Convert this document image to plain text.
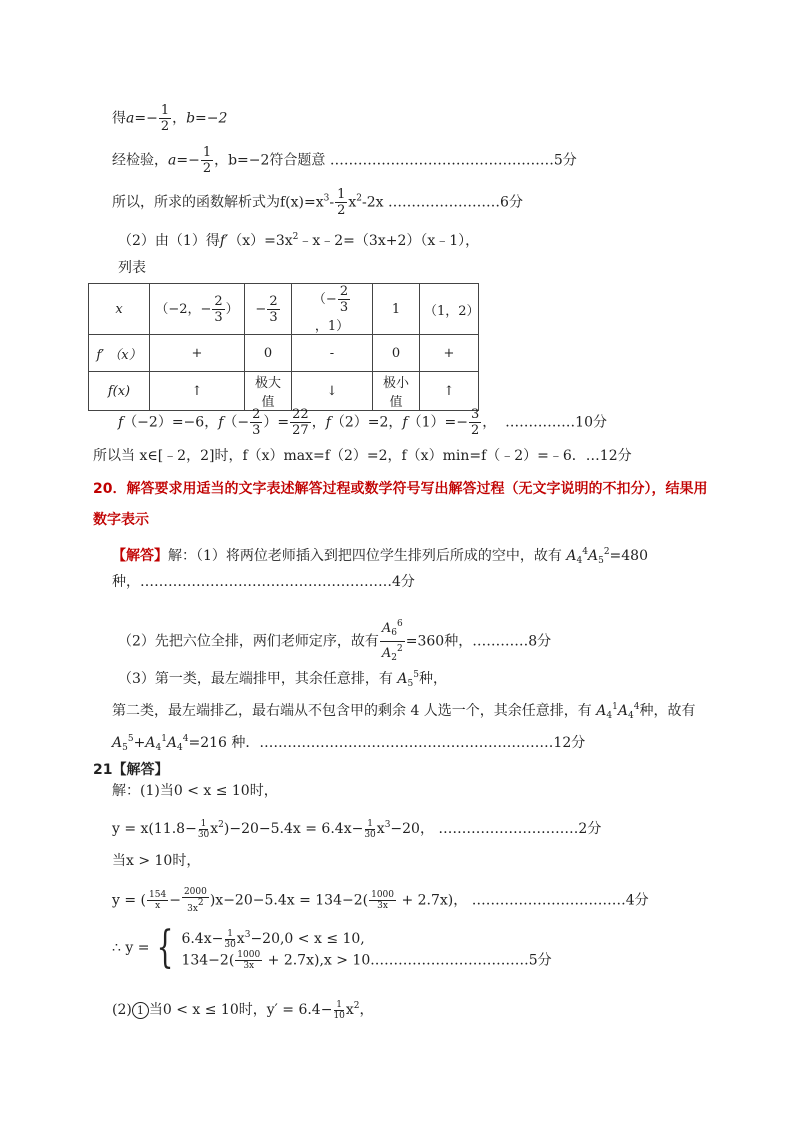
得$a=- \frac{1}{2}$ ，b=−2
经检验，$a=- \frac{1}{2}$ ，b=−2符合题意 …………………………………………5分
所以，所求的函数解析式为$f(x)=x^3- \frac{1}{2} x^2-2x$ ……………………6分
（2）由（1）得$f'(x)=3x^2﹣x﹣2=(3x+2)(x﹣1)$，
列表
x	（−2，− $\frac{2}{3}$ ）	− $\frac{2}{3}$	（− $\frac{2}{3}$
，1）	1	（1，2）
f′ （x）	+	0	-	0	+
f(x)	↑	极大值	↓	极小值	↑
f（−2）=−6，$f(- \frac{2}{3}$ ）= $\frac{22}{27}$ ，f（2）=2，$f(1)=- \frac{3}{2}$ ， ……………10分
所以当 x∈[﹣2，2]时，f（x）max=f（2）=2，f（x）min=f（﹣2）=﹣6．…12分
20．解答要求用适当的文字表述解答过程或数学符号写出解答过程（无文字说明的不扣分），结果用
数字表示
【解答】解：（1）将两位老师插入到把四位学生排列后所成的空中，故有 $A_4^4A_5^2=480$
种，………………………………………………4分
（2）先把六位全排，两们老师定序，故有 $\frac{A_6^6}{A_2^2} =360$种，…………8分
（3）第一类，最左端排甲，其余任意排，有 $A_5^5$种，
第二类，最左端排乙，最右端从不包含甲的剩余 4 人选一个，其余任意排，有 $A_4^1A_4^4$种，故有
$A_5^5+A_4^1A_4^4=216$ 种．………………………………………………………12分
21【解答】
解：(1)当0 < x ≤ 10时，
$y = x(11.8- \frac{1}{30} x^2)-20-5.4x = 6.4x- \frac{1}{30} x^3-20$， …………………………2分
当x > 10时，
y = ( $\frac{154}{x} - \frac{2000}{3x^2} )x-20-5.4x = 134-2( \frac{1000}{3x} + 2.7x)$， ……………………………4分
∴ y = { $6.4x- \frac{1}{30} x^3-20,0 < x \le 10$,
$134-2( \frac{1000}{3x} + 2.7x),x$ > 10.……………………………5分
(2) 1 当0 < x ≤ 10时，$y' = 6.4- \frac{1}{10} x^2$，
